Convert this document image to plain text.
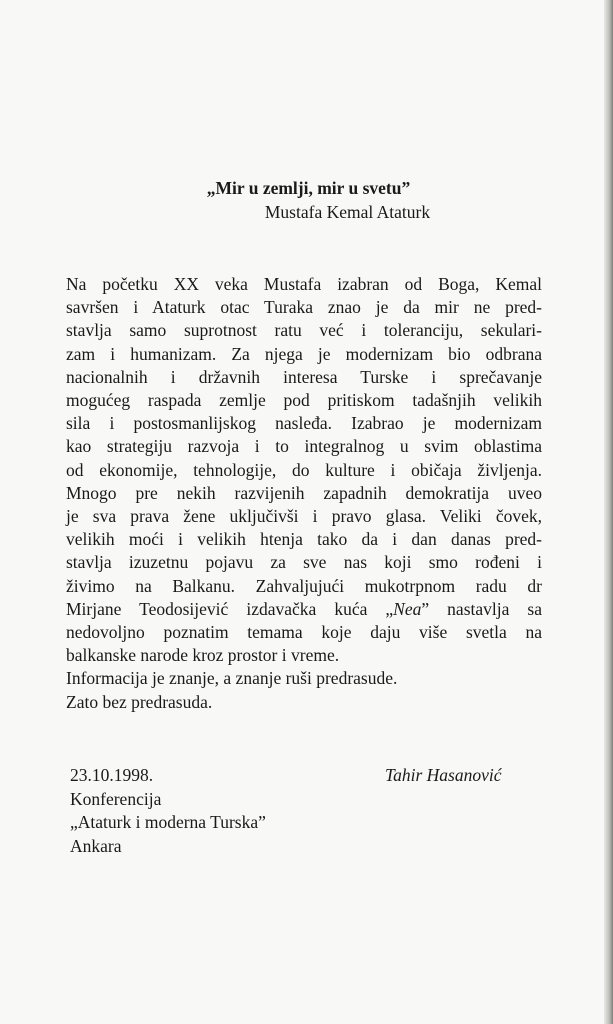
„Mir u zemlji, mir u svetu”
Mustafa Kemal Ataturk
Na početku XX veka Mustafa izabran od Boga, Kemal
savršen i Ataturk otac Turaka znao je da mir ne pred-
stavlja samo suprotnost ratu već i toleranciju, sekulari-
zam i humanizam. Za njega je modernizam bio odbrana
nacionalnih i državnih interesa Turske i sprečavanje
mogućeg raspada zemlje pod pritiskom tadašnjih velikih
sila i postosmanlijskog nasleđa. Izabrao je modernizam
kao strategiju razvoja i to integralnog u svim oblastima
od ekonomije, tehnologije, do kulture i običaja življenja.
Mnogo pre nekih razvijenih zapadnih demokratija uveo
je sva prava žene uključivši i pravo glasa. Veliki čovek,
velikih moći i velikih htenja tako da i dan danas pred-
stavlja izuzetnu pojavu za sve nas koji smo rođeni i
živimo na Balkanu. Zahvaljujući mukotrpnom radu dr
Mirjane Teodosijević izdavačka kuća „Nea” nastavlja sa
nedovoljno poznatim temama koje daju više svetla na
balkanske narode kroz prostor i vreme.
Informacija je znanje, a znanje ruši predrasude.
Zato bez predrasuda.
Tahir Hasanović
23.10.1998.
Konferencija
„Ataturk i moderna Turska”
Ankara
